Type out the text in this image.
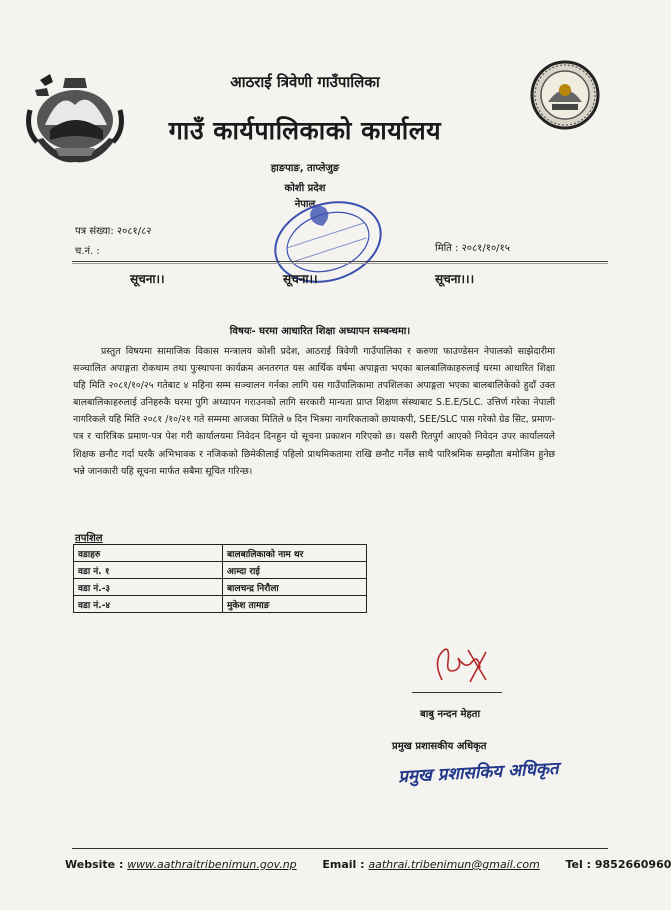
आठराई त्रिवेणी गाउँपालिका
गाउँ कार्यपालिकाको कार्यालय
हाङपाङ, ताप्लेजुङ
कोशी प्रदेश
नेपाल
पत्र संख्या: २०८१/८२
च.नं. :	मिति : २०८१/१०/१५
सूचना।।	सूचना।।	सूचना।।।
विषयः- घरमा आधारित शिक्षा अध्यापन सम्बन्धमा।

प्रस्तुत विषयमा सामाजिक विकास मन्त्रालय कोशी प्रदेश, आठराई त्रिवेणी गाउँपालिका र करुणा फाउण्डेसन नेपालको साझेदारीमा सञ्चालित अपाङ्गता रोकथाम तथा पुःस्थापना कार्यक्रम अनतरगत यस आर्थिक वर्षमा अपाङ्गता भएका बालबालिकाहरुलाई घरमा आधारित शिक्षा यहि मिति २०८१/१०/२५ गतेबाट ४ महिना सम्म सञ्चालन गर्नका लागि यस गाउँपालिकामा तपशिलका अपाङ्गता भएका बालबालिकेको हुदाँ उक्त बालबालिकाहरुलाई उनिहरुकै घरमा पुगि अध्यापन गराउनको लागि सरकारी मान्यता प्राप्त शिक्षण संस्थाबाट S.E.E/SLC. उत्तिर्ण गरेका नेपाली नागरिकले यहि मिति २०८१ /१०/२१ गते सम्ममा आजका मितिले ७ दिन भित्रमा नागरिकताको छायाकपी, SEE/SLC पास गरेको ग्रेड सिट, प्रमाण-पत्र र चारित्रिक प्रमाण-पत्र पेश गरी कार्यालयमा निवेदन दिनहुन यो सूचना प्रकाशन गरिएको छ। यसरी रितपुर्ग आएको निवेदन उपर कार्यालयले शिक्षक छनौट गर्दा घरकै अभिभावक र नजिकको छिमेकीलाई पहिलो प्राथमिकतामा राखि छनौट गर्नेछ साथै पारिश्रमिक सम्झौता बमोजिम हुनेछ भन्ने जानकारी यहि सूचना मार्फत सबैमा सूचित गरिन्छ।

तपशिल
वडाहरु	बालबालिकाको नाम थर
वडा नं. १	आम्दा राई
वडा नं.-३	बालचन्द्र निरौला
वडा नं.-४	मुकेश तामाङ
बाबु नन्दन मेहता
प्रमुख प्रशासकीय अधिकृत
प्रमुख प्रशासकिय अधिकृत
Website : www.aathraitribenimun.gov.np Email : aathrai.tribenimun@gmail.com Tel : 9852660960
